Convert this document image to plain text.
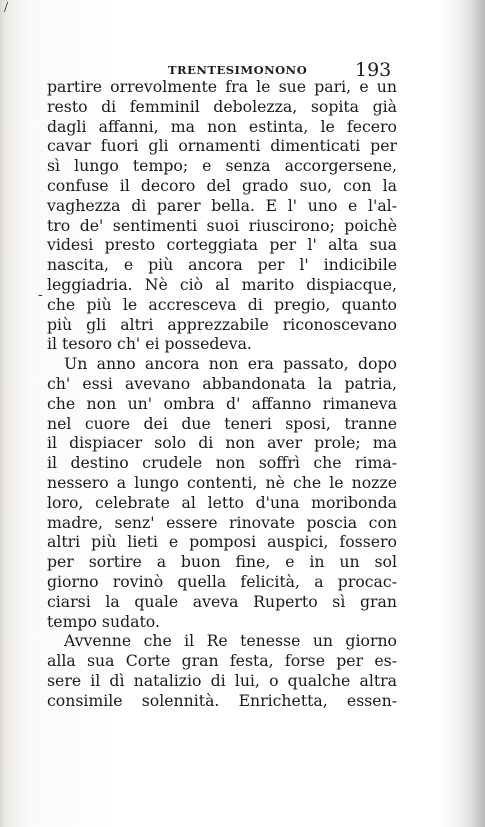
/
TRENTESIMONONO	193
-
partire orrevolmente fra le sue pari, e un
resto di femminil debolezza, sopita già
dagli affanni, ma non estinta, le fecero
cavar fuori gli ornamenti dimenticati per
sì lungo tempo; e senza accorgersene,
confuse il decoro del grado suo, con la
vaghezza di parer bella. E l' uno e l'al-
tro de' sentimenti suoi riuscirono; poichè
videsi presto corteggiata per l' alta sua
nascita, e più ancora per l' indicibile
leggiadria. Nè ciò al marito dispiacque,
che più le accresceva di pregio, quanto
più gli altri apprezzabile riconoscevano
il tesoro ch' ei possedeva.
Un anno ancora non era passato, dopo
ch' essi avevano abbandonata la patria,
che non un' ombra d' affanno rimaneva
nel cuore dei due teneri sposi, tranne
il dispiacer solo di non aver prole; ma
il destino crudele non soffrì che rima-
nessero a lungo contenti, nè che le nozze
loro, celebrate al letto d'una moribonda
madre, senz' essere rinovate poscia con
altri più lieti e pomposi auspici, fossero
per sortire a buon fine, e in un sol
giorno rovinò quella felicità, a procac-
ciarsi la quale aveva Ruperto sì gran
tempo sudato.
Avvenne che il Re tenesse un giorno
alla sua Corte gran festa, forse per es-
sere il dì natalizio di lui, o qualche altra
consimile solennità. Enrichetta, essen-
